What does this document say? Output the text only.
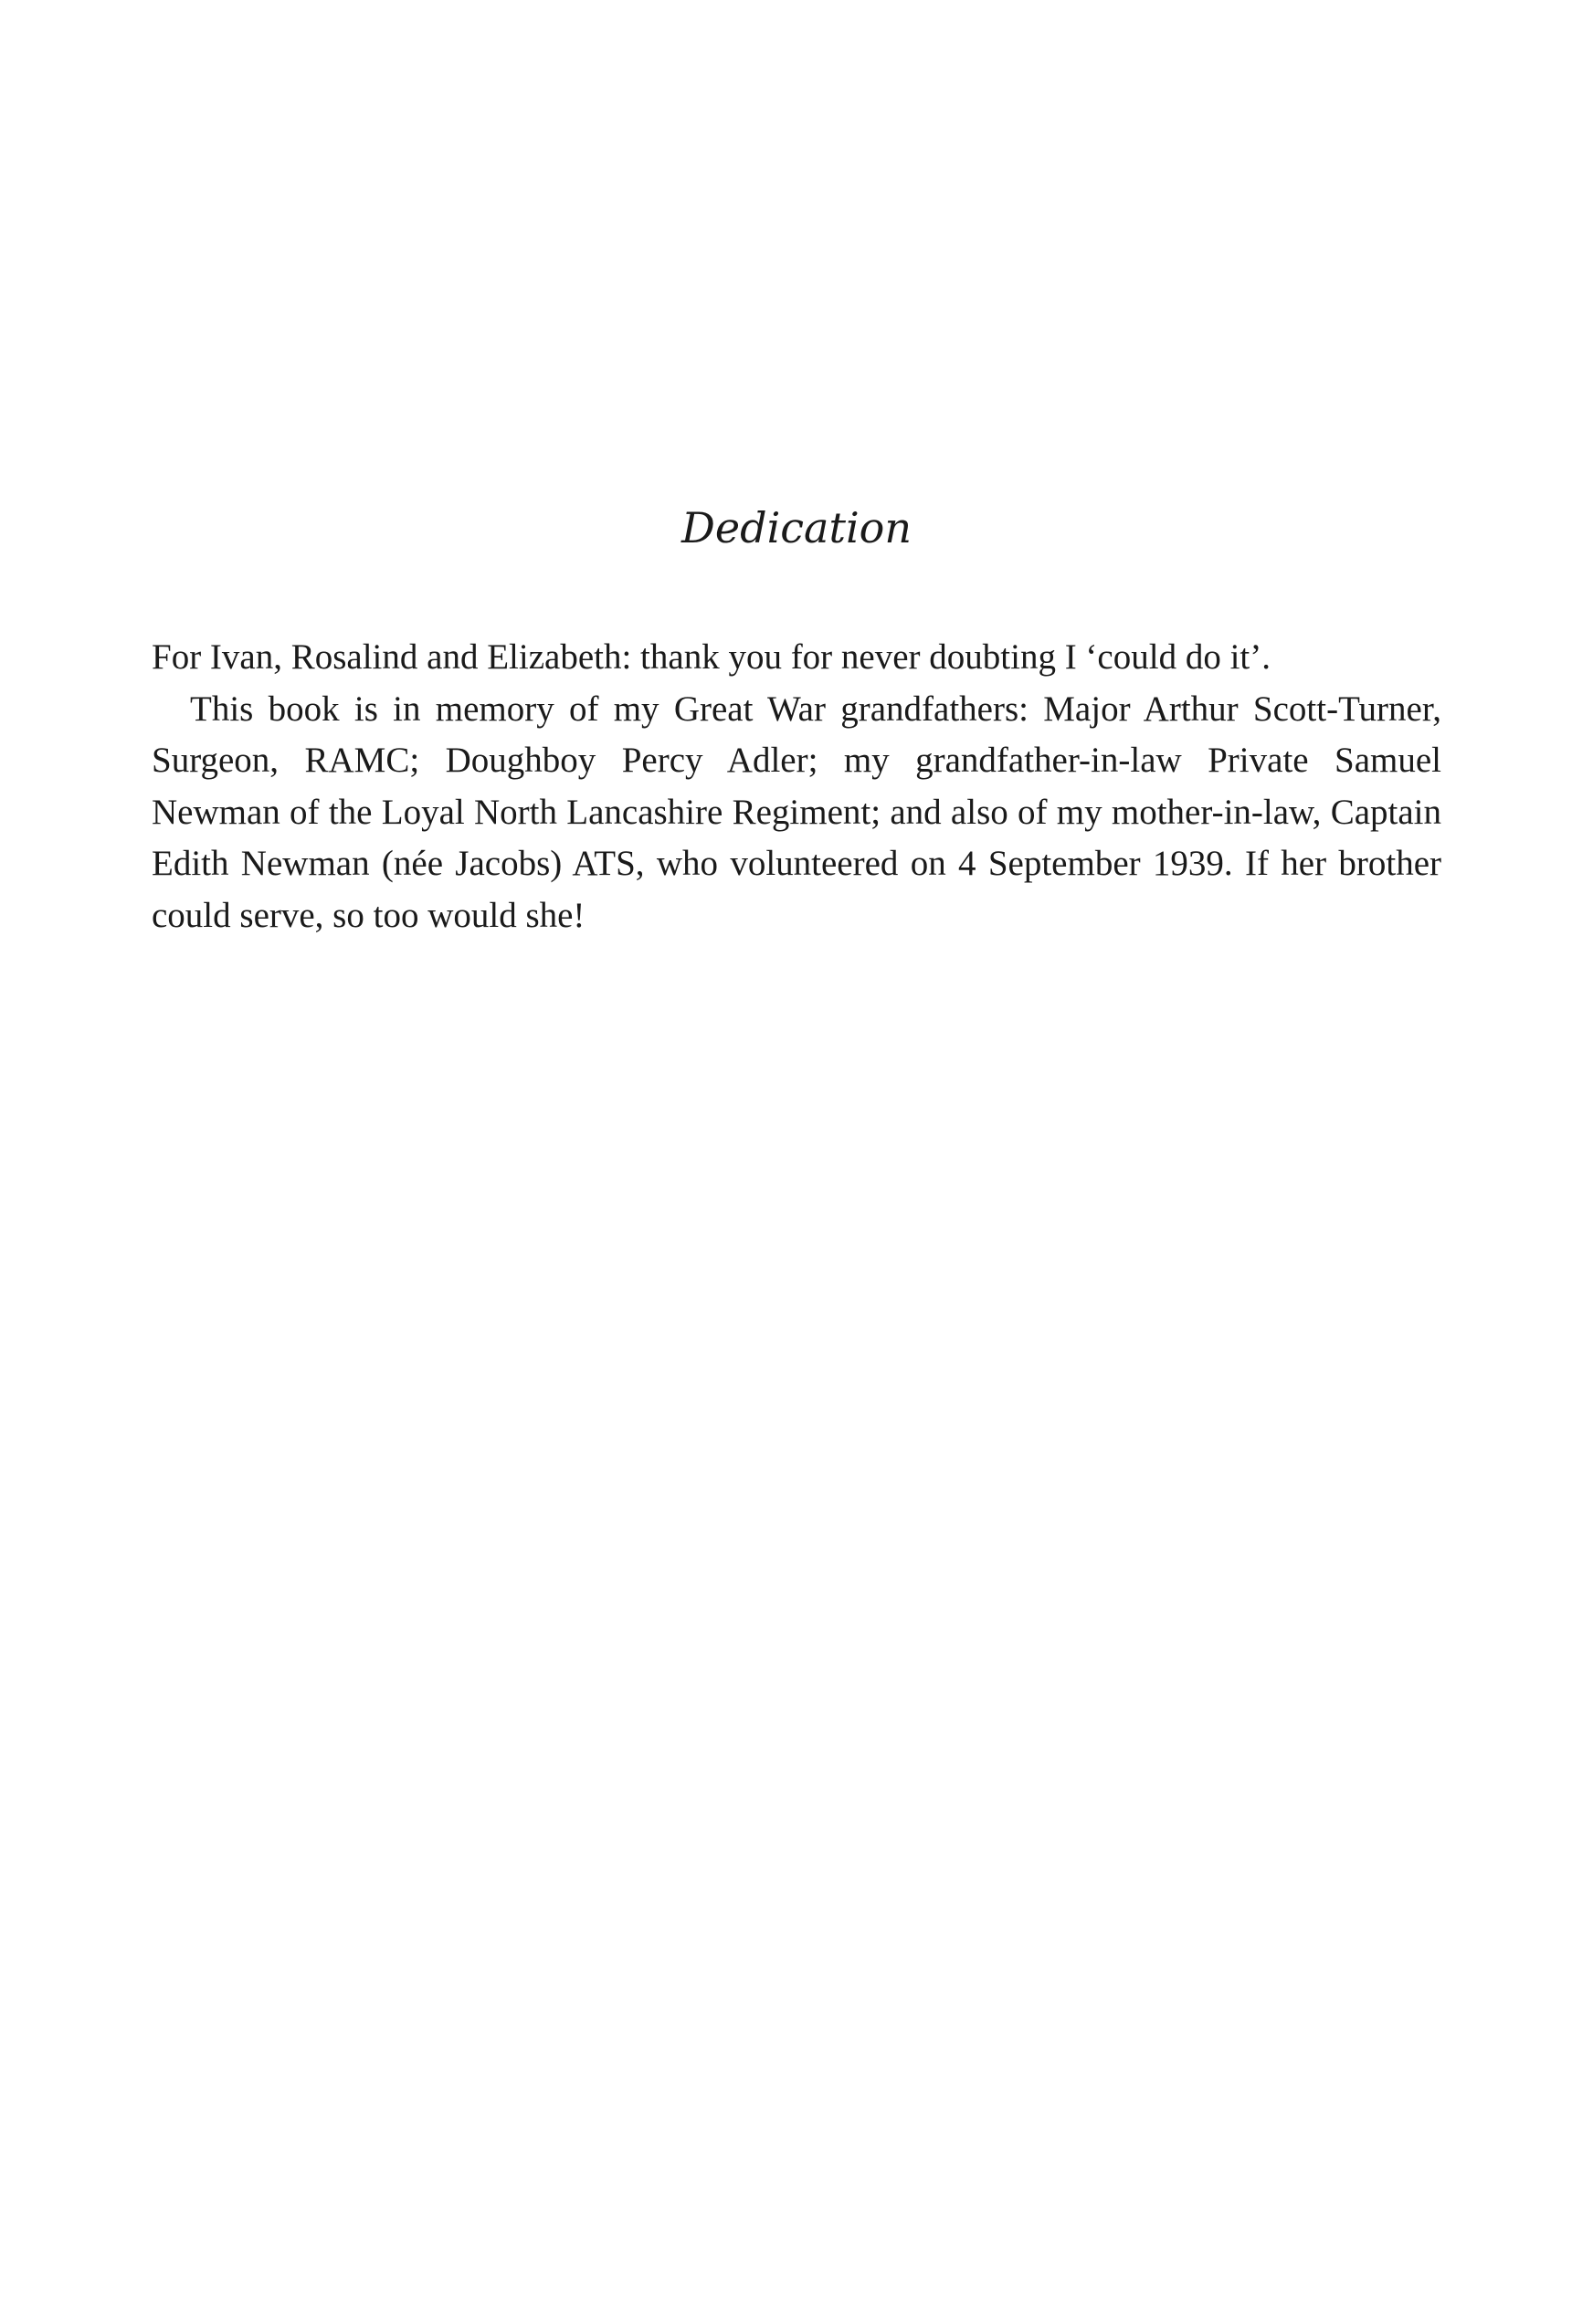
Dedication

For Ivan, Rosalind and Elizabeth: thank you for never doubting I ‘could do it’.

This book is in memory of my Great War grandfathers: Major Arthur Scott-Turner, Surgeon, RAMC; Doughboy Percy Adler; my grandfather-in-law Private Samuel Newman of the Loyal North Lancashire Regiment; and also of my mother-in-law, Captain Edith Newman (née Jacobs) ATS, who volunteered on 4 September 1939. If her brother could serve, so too would she!
